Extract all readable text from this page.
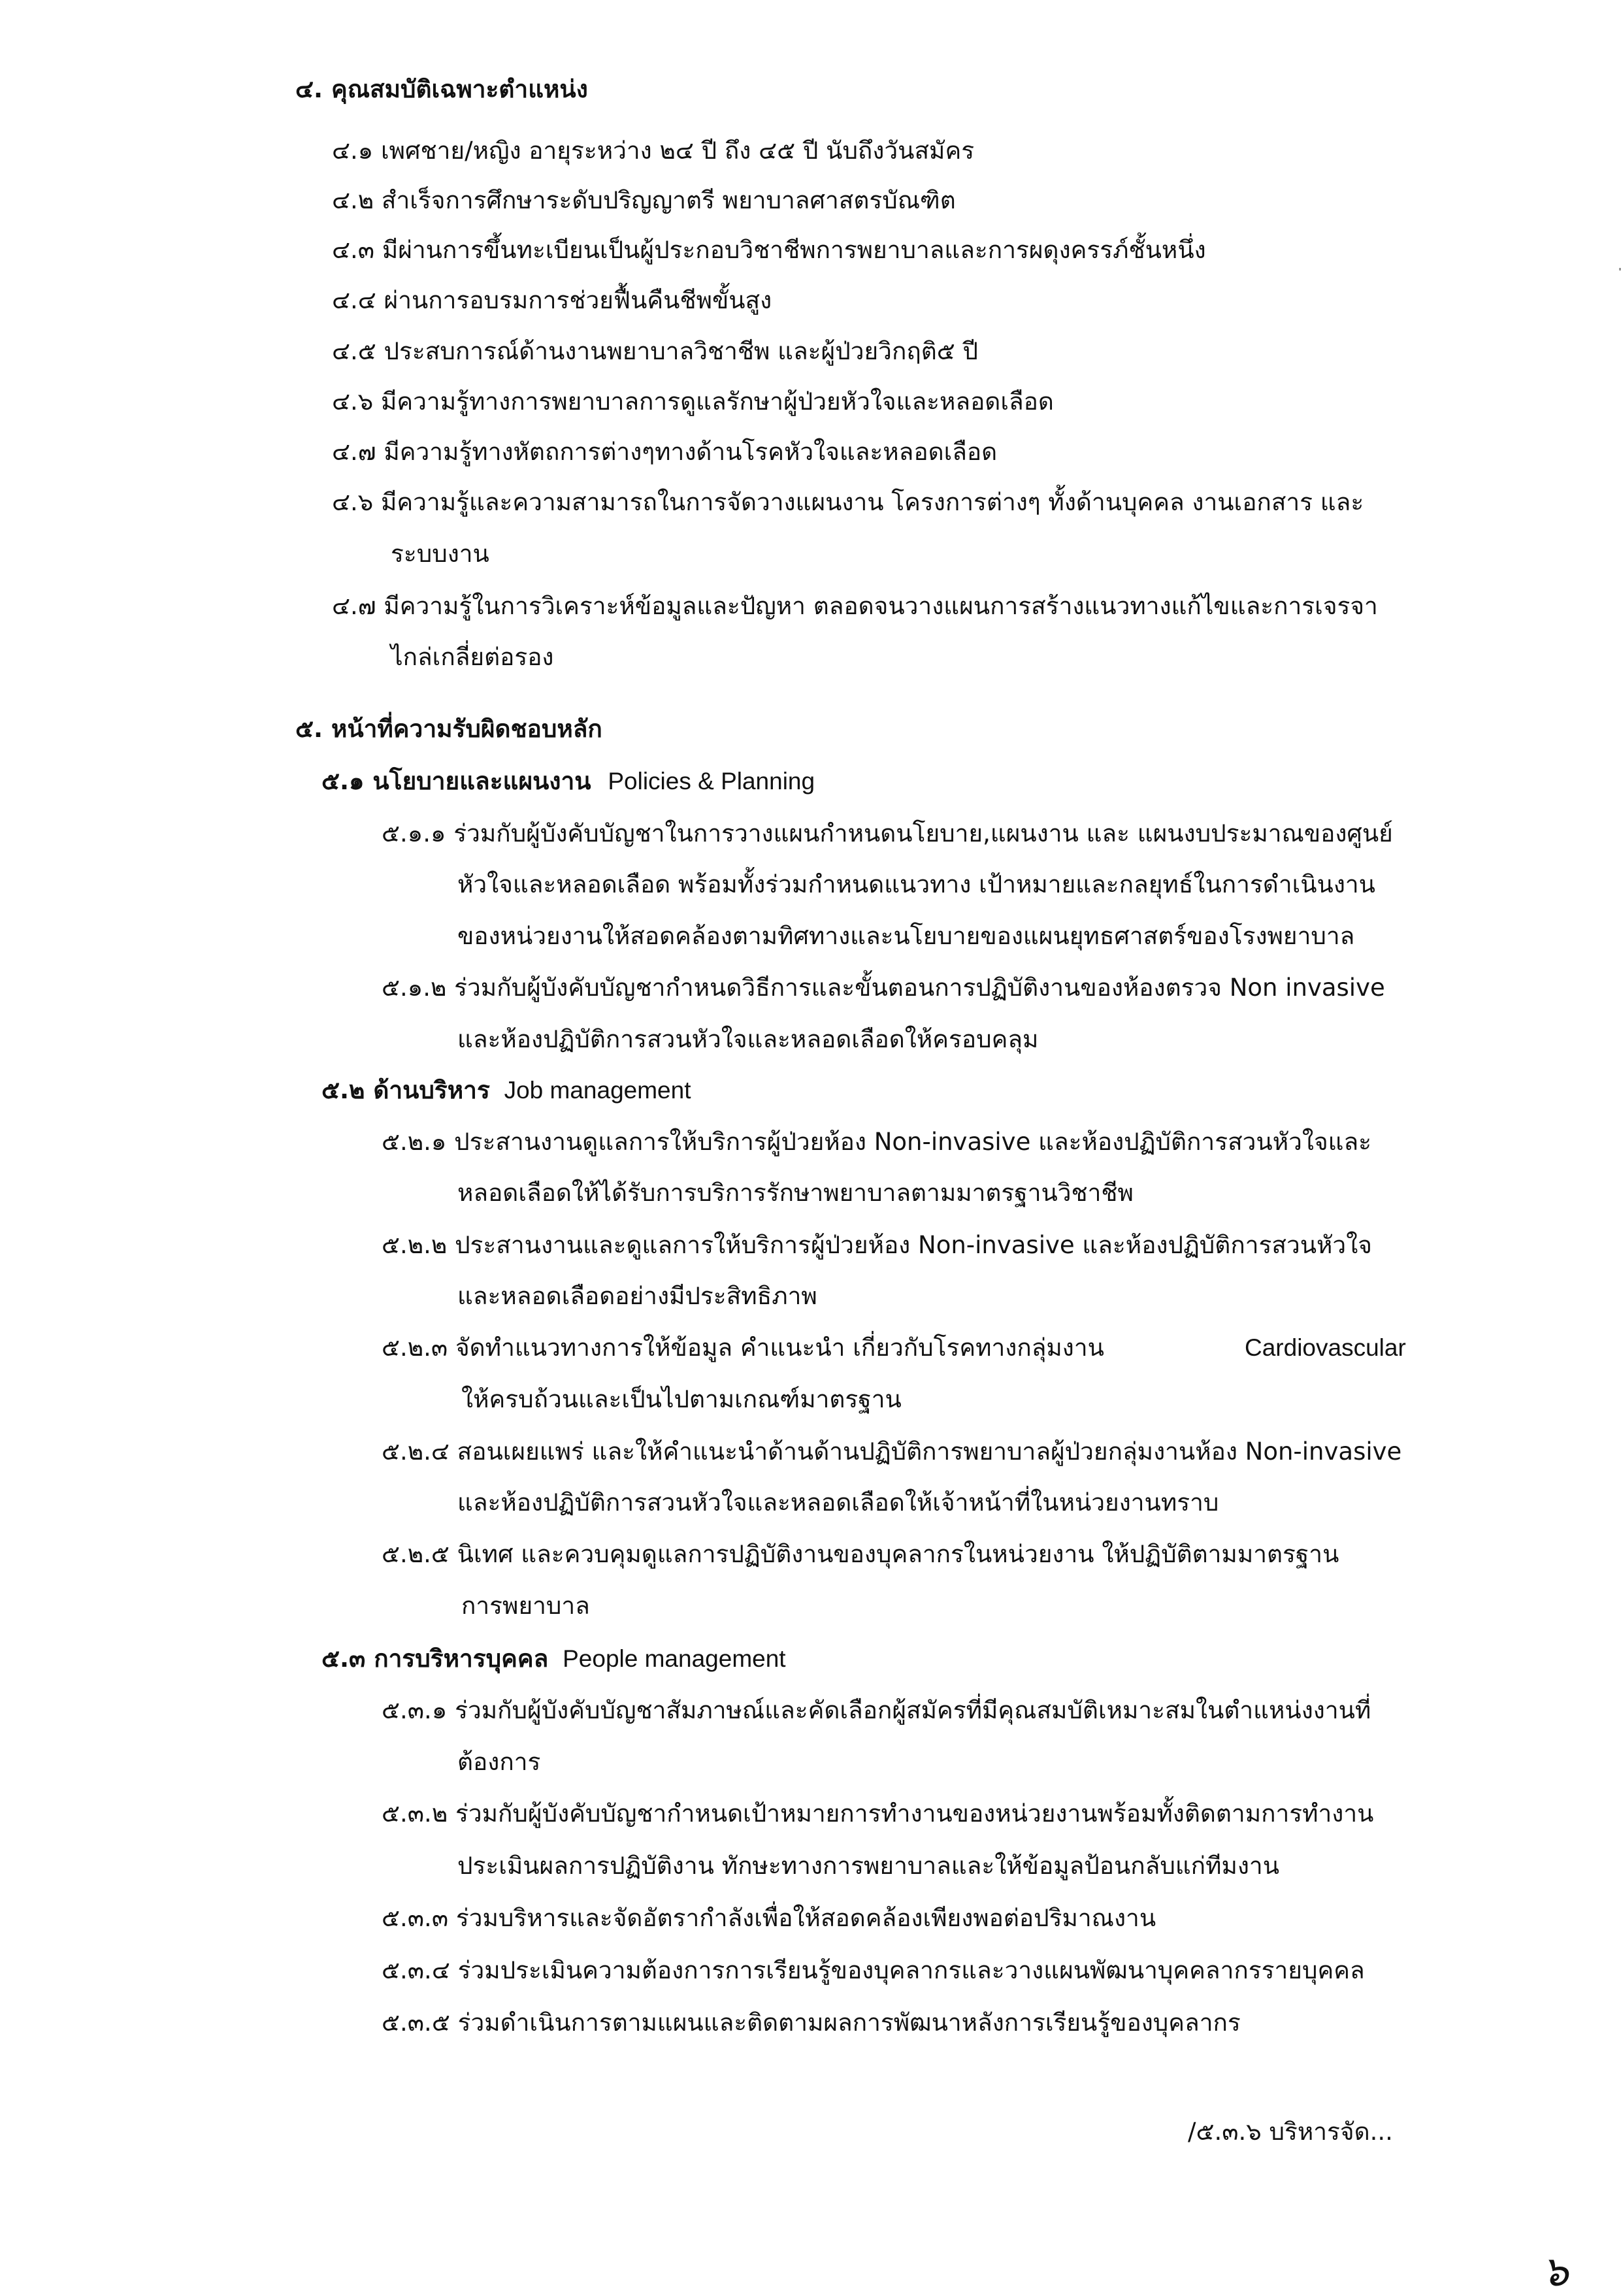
๔. คุณสมบัติเฉพาะตำแหน่ง
๔.๑ เพศชาย/หญิง อายุระหว่าง ๒๔ ปี ถึง ๔๕ ปี นับถึงวันสมัคร
๔.๒ สำเร็จการศึกษาระดับปริญญาตรี พยาบาลศาสตรบัณฑิต
๔.๓ มีผ่านการขึ้นทะเบียนเป็นผู้ประกอบวิชาชีพการพยาบาลและการผดุงครรภ์ชั้นหนึ่ง
๔.๔ ผ่านการอบรมการช่วยฟื้นคืนชีพขั้นสูง
๔.๕ ประสบการณ์ด้านงานพยาบาลวิชาชีพ และผู้ป่วยวิกฤติ๕ ปี
๔.๖ มีความรู้ทางการพยาบาลการดูแลรักษาผู้ป่วยหัวใจและหลอดเลือด
๔.๗ มีความรู้ทางหัตถการต่างๆทางด้านโรคหัวใจและหลอดเลือด
๔.๖ มีความรู้และความสามารถในการจัดวางแผนงาน โครงการต่างๆ ทั้งด้านบุคคล งานเอกสาร และ
ระบบงาน
๔.๗ มีความรู้ในการวิเคราะห์ข้อมูลและปัญหา ตลอดจนวางแผนการสร้างแนวทางแก้ไขและการเจรจา
ไกล่เกลี่ยต่อรอง
๕. หน้าที่ความรับผิดชอบหลัก
๕.๑ นโยบายและแผนงาน Policies & Planning
๕.๑.๑ ร่วมกับผู้บังคับบัญชาในการวางแผนกำหนดนโยบาย,แผนงาน และ แผนงบประมาณของศูนย์
หัวใจและหลอดเลือด พร้อมทั้งร่วมกำหนดแนวทาง เป้าหมายและกลยุทธ์ในการดำเนินงาน
ของหน่วยงานให้สอดคล้องตามทิศทางและนโยบายของแผนยุทธศาสตร์ของโรงพยาบาล
๕.๑.๒ ร่วมกับผู้บังคับบัญชากำหนดวิธีการและขั้นตอนการปฏิบัติงานของห้องตรวจ Non invasive
และห้องปฏิบัติการสวนหัวใจและหลอดเลือดให้ครอบคลุม
๕.๒ ด้านบริหาร Job management
๕.๒.๑ ประสานงานดูแลการให้บริการผู้ป่วยห้อง Non-invasive และห้องปฏิบัติการสวนหัวใจและ
หลอดเลือดให้ได้รับการบริการรักษาพยาบาลตามมาตรฐานวิชาชีพ
๕.๒.๒ ประสานงานและดูแลการให้บริการผู้ป่วยห้อง Non-invasive และห้องปฏิบัติการสวนหัวใจ
และหลอดเลือดอย่างมีประสิทธิภาพ
๕.๒.๓ จัดทำแนวทางการให้ข้อมูล คำแนะนำ เกี่ยวกับโรคทางกลุ่มงาน	Cardiovascular
ให้ครบถ้วนและเป็นไปตามเกณฑ์มาตรฐาน
๕.๒.๔ สอนเผยแพร่ และให้คำแนะนำด้านด้านปฏิบัติการพยาบาลผู้ป่วยกลุ่มงานห้อง Non-invasive
และห้องปฏิบัติการสวนหัวใจและหลอดเลือดให้เจ้าหน้าที่ในหน่วยงานทราบ
๕.๒.๕ นิเทศ และควบคุมดูแลการปฏิบัติงานของบุคลากรในหน่วยงาน ให้ปฏิบัติตามมาตรฐาน
การพยาบาล
๕.๓ การบริหารบุคคล People management
๕.๓.๑ ร่วมกับผู้บังคับบัญชาสัมภาษณ์และคัดเลือกผู้สมัครที่มีคุณสมบัติเหมาะสมในตำแหน่งงานที่
ต้องการ
๕.๓.๒ ร่วมกับผู้บังคับบัญชากำหนดเป้าหมายการทำงานของหน่วยงานพร้อมทั้งติดตามการทำงาน
ประเมินผลการปฏิบัติงาน ทักษะทางการพยาบาลและให้ข้อมูลป้อนกลับแก่ทีมงาน
๕.๓.๓ ร่วมบริหารและจัดอัตรากำลังเพื่อให้สอดคล้องเพียงพอต่อปริมาณงาน
๕.๓.๔ ร่วมประเมินความต้องการการเรียนรู้ของบุคลากรและวางแผนพัฒนาบุคคลากรรายบุคคล
๕.๓.๕ ร่วมดำเนินการตามแผนและติดตามผลการพัฒนาหลังการเรียนรู้ของบุคลากร
/๕.๓.๖ บริหารจัด...
๖
